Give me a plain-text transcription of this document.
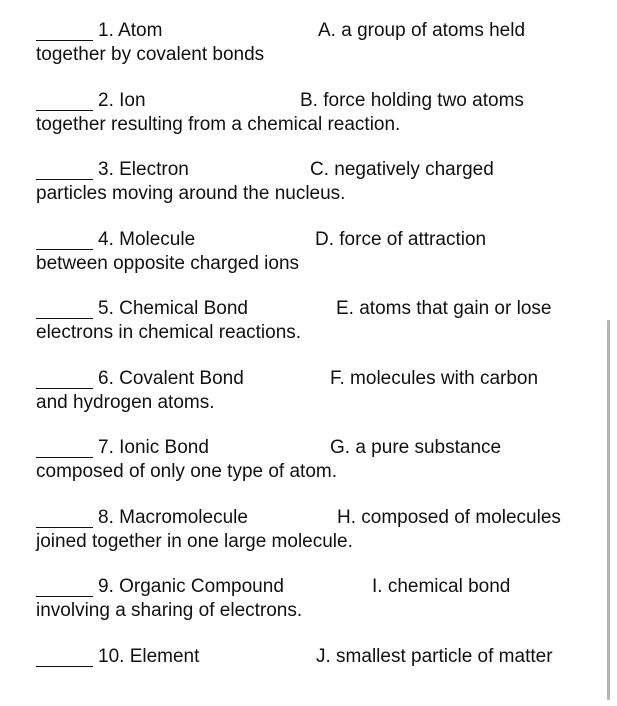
1. Atom	A. a group of atoms held
together by covalent bonds
2. Ion	B. force holding two atoms
together resulting from a chemical reaction.
3. Electron	C. negatively charged
particles moving around the nucleus.
4. Molecule	D. force of attraction
between opposite charged ions
5. Chemical Bond	E. atoms that gain or lose
electrons in chemical reactions.
6. Covalent Bond	F. molecules with carbon
and hydrogen atoms.
7. Ionic Bond	G. a pure substance
composed of only one type of atom.
8. Macromolecule	H. composed of molecules
joined together in one large molecule.
9. Organic Compound	I. chemical bond
involving a sharing of electrons.
10. Element	J. smallest particle of matter
